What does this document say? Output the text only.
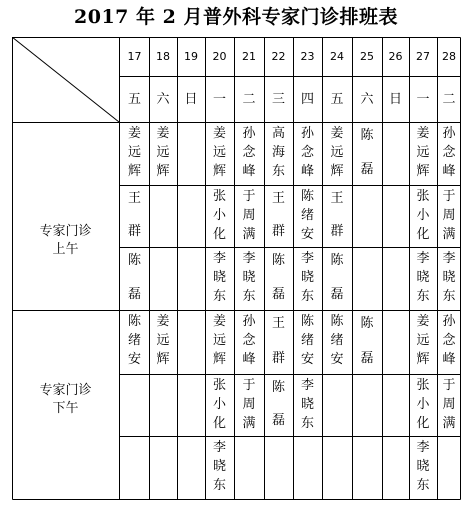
2017 年 2 月普外科专家门诊排班表
17
五
18
六
19
日
20
一
21
二
22
三
23
四
24
五
25
六
26
日
27
一
28
二
姜
远
辉
姜
远
辉
姜
远
辉
孙
念
峰
高
海
东
孙
念
峰
姜
远
辉
陈
磊
姜
远
辉
孙
念
峰
王
群
张
小
化
于
周
满
王
群
陈
绪
安
王
群
张
小
化
于
周
满
陈
磊
李
晓
东
李
晓
东
陈
磊
李
晓
东
陈
磊
李
晓
东
李
晓
东
陈
绪
安
姜
远
辉
姜
远
辉
孙
念
峰
王
群
陈
绪
安
陈
绪
安
陈
磊
姜
远
辉
孙
念
峰
张
小
化
于
周
满
陈
磊
李
晓
东
张
小
化
于
周
满
李
晓
东
李
晓
东
专家门诊
上午
专家门诊
下午
